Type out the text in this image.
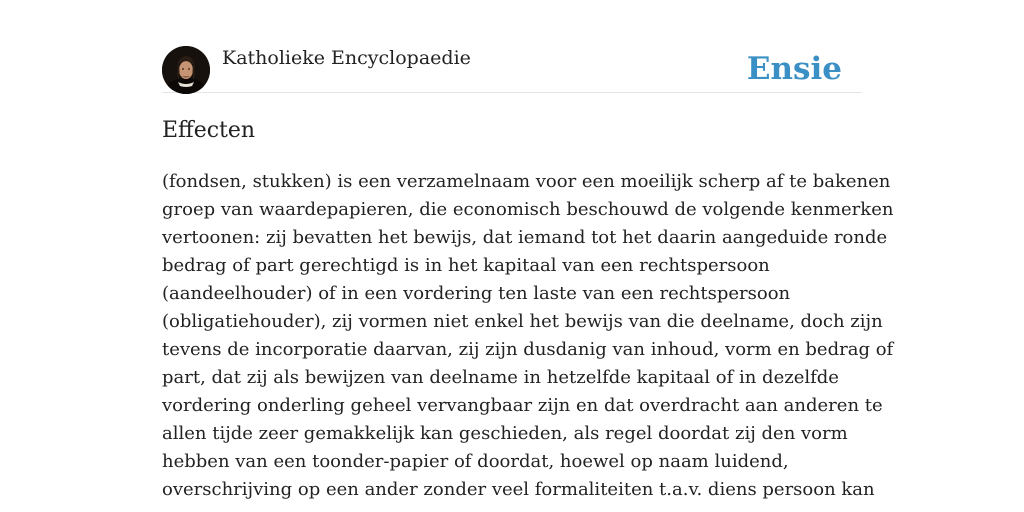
Katholieke Encyclopaedie	Ensie
Effecten
(fondsen, stukken) is een verzamelnaam voor een moeilijk scherp af te bakenen
groep van waardepapieren, die economisch beschouwd de volgende kenmerken
vertoonen: zij bevatten het bewijs, dat iemand tot het daarin aangeduide ronde
bedrag of part gerechtigd is in het kapitaal van een rechtspersoon
(aandeelhouder) of in een vordering ten laste van een rechtspersoon
(obligatiehouder), zij vormen niet enkel het bewijs van die deelname, doch zijn
tevens de incorporatie daarvan, zij zijn dusdanig van inhoud, vorm en bedrag of
part, dat zij als bewijzen van deelname in hetzelfde kapitaal of in dezelfde
vordering onderling geheel vervangbaar zijn en dat overdracht aan anderen te
allen tijde zeer gemakkelijk kan geschieden, als regel doordat zij den vorm
hebben van een toonder-papier of doordat, hoewel op naam luidend,
overschrijving op een ander zonder veel formaliteiten t.a.v. diens persoon kan
